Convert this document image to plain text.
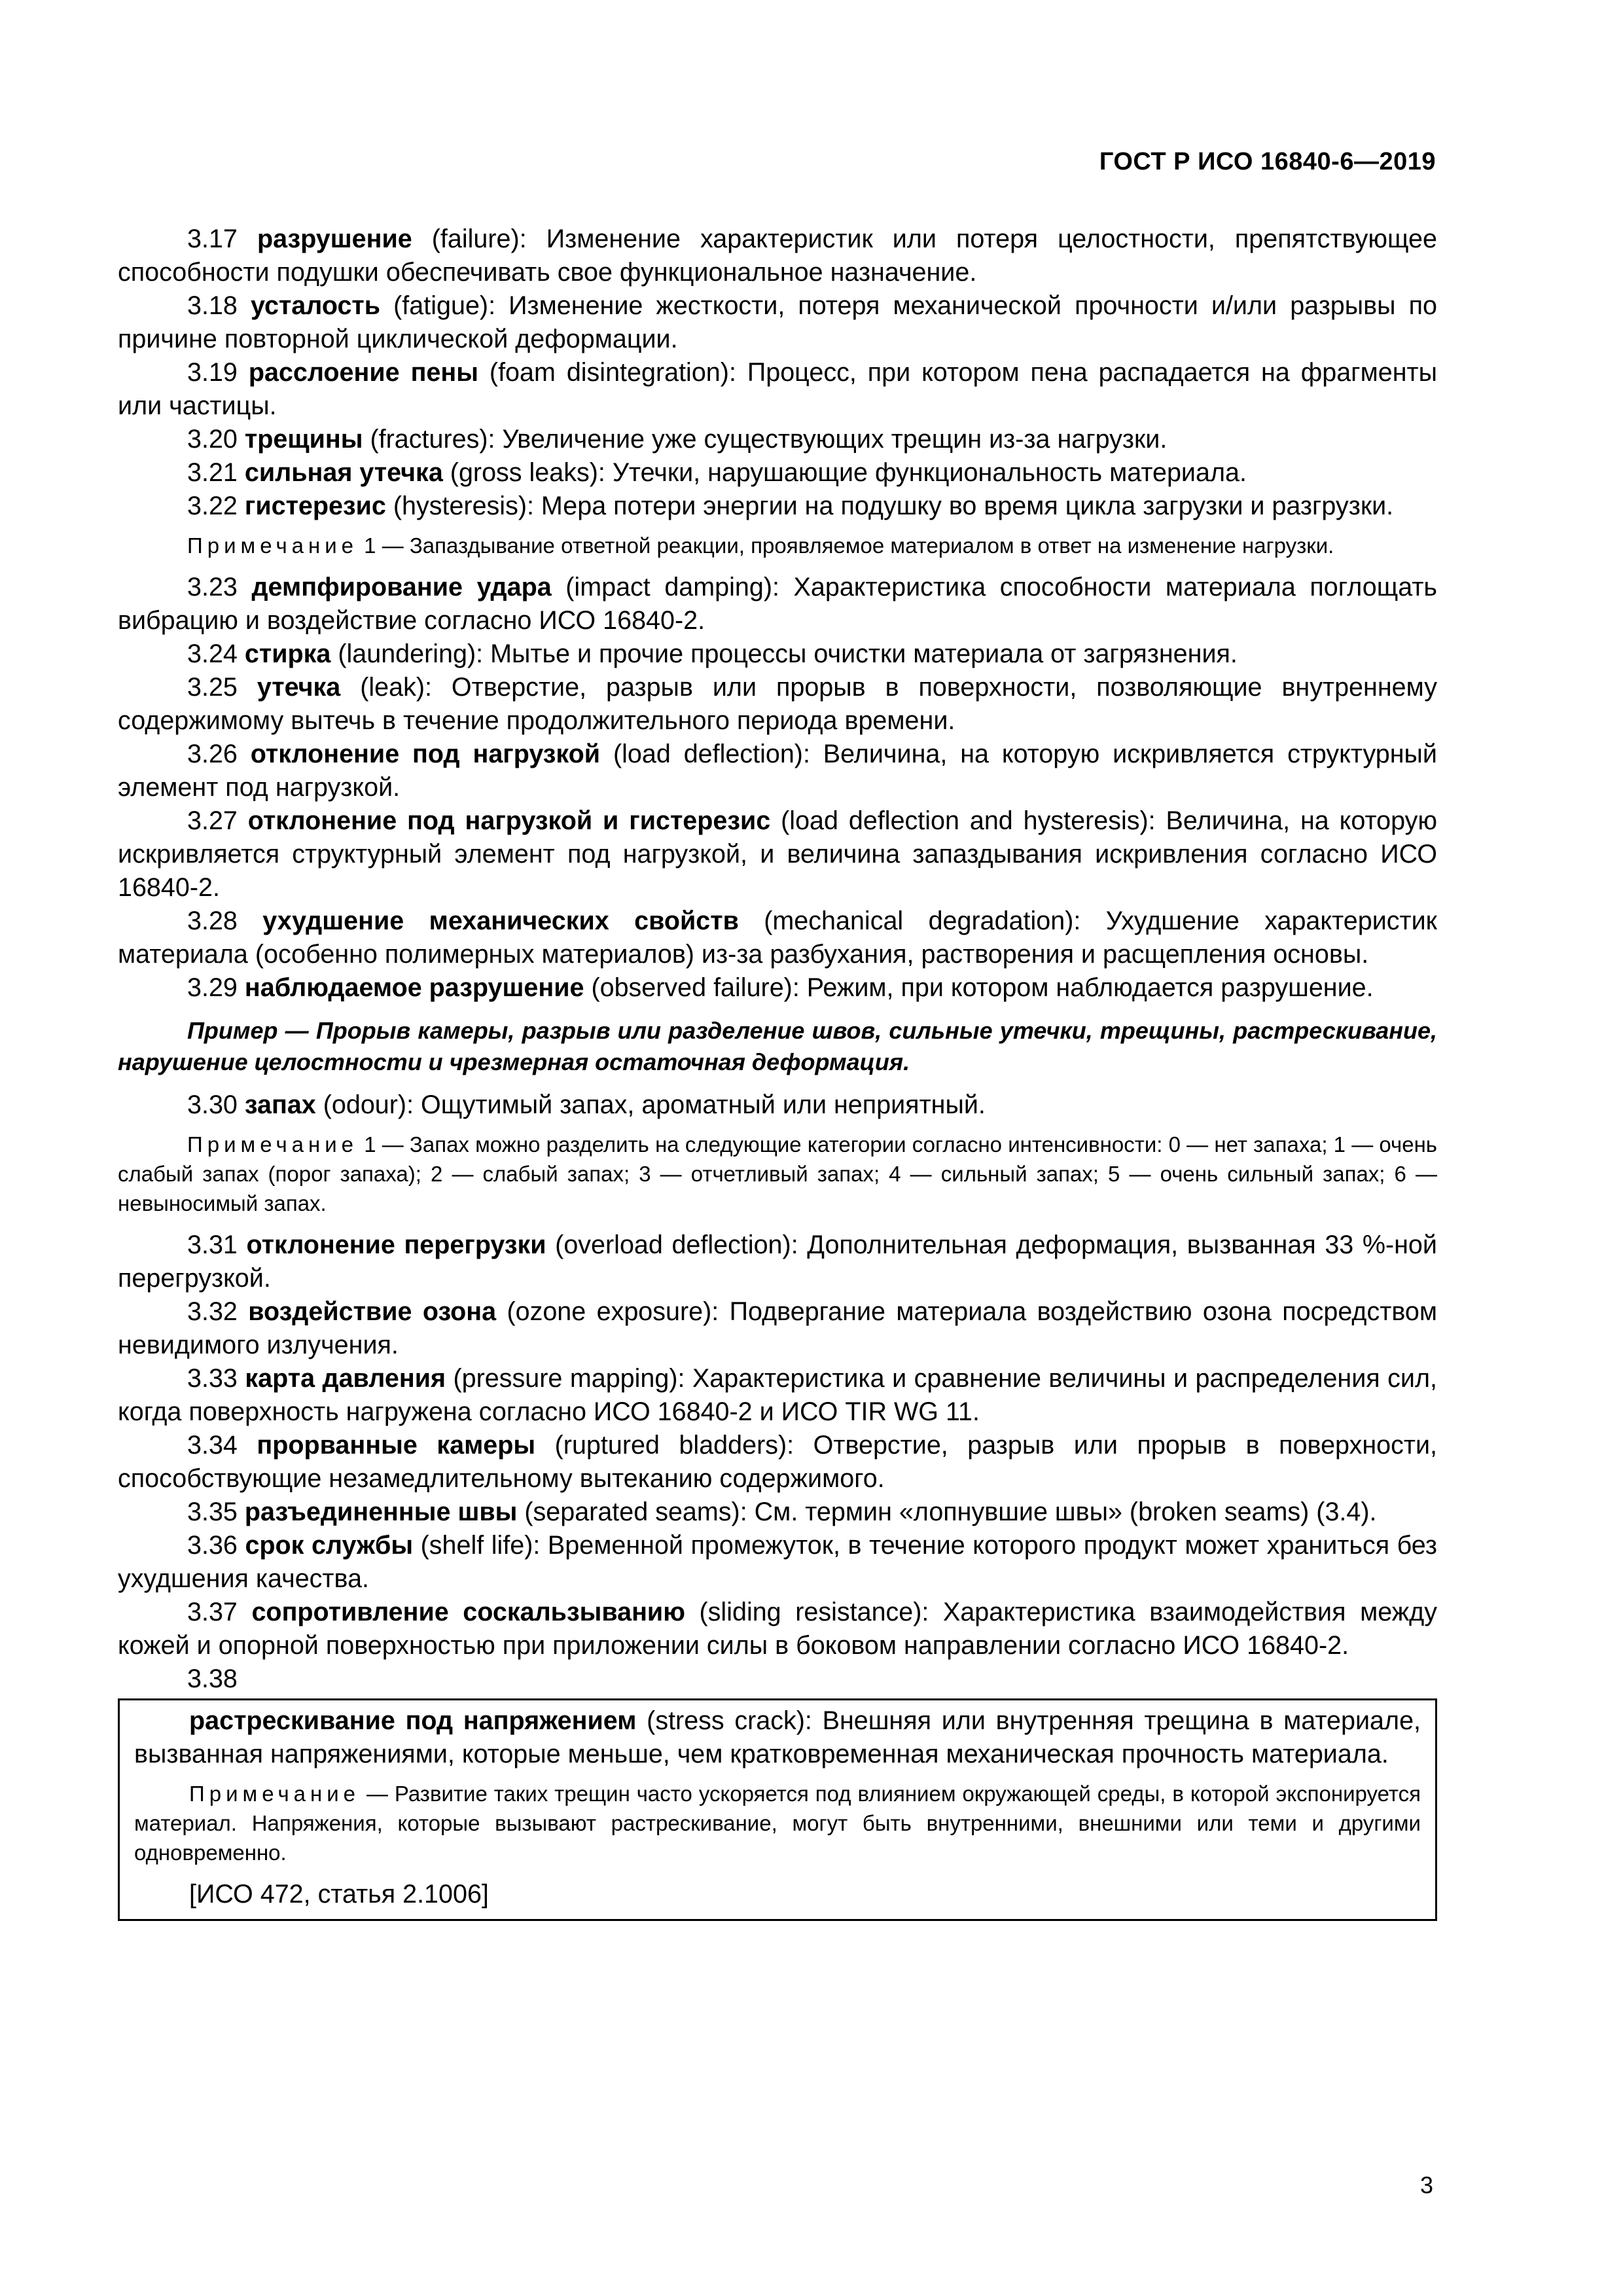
ГОСТ Р ИСО 16840-6—2019

3.17 разрушение (failure): Изменение характеристик или потеря целостности, препятствующее способности подушки обеспечивать свое функциональное назначение.

3.18 усталость (fatigue): Изменение жесткости, потеря механической прочности и/или разрывы по причине повторной циклической деформации.

3.19 расслоение пены (foam disintegration): Процесс, при котором пена распадается на фрагменты или частицы.

3.20 трещины (fractures): Увеличение уже существующих трещин из-за нагрузки.

3.21 сильная утечка (gross leaks): Утечки, нарушающие функциональность материала.

3.22 гистерезис (hysteresis): Мера потери энергии на подушку во время цикла загрузки и разгрузки.

Примечание 1 — Запаздывание ответной реакции, проявляемое материалом в ответ на изменение нагрузки.

3.23 демпфирование удара (impact damping): Характеристика способности материала поглощать вибрацию и воздействие согласно ИСО 16840-2.

3.24 стирка (laundering): Мытье и прочие процессы очистки материала от загрязнения.

3.25 утечка (leak): Отверстие, разрыв или прорыв в поверхности, позволяющие внутреннему содержимому вытечь в течение продолжительного периода времени.

3.26 отклонение под нагрузкой (load deflection): Величина, на которую искривляется структурный элемент под нагрузкой.

3.27 отклонение под нагрузкой и гистерезис (load deflection and hysteresis): Величина, на которую искривляется структурный элемент под нагрузкой, и величина запаздывания искривления согласно ИСО 16840-2.

3.28 ухудшение механических свойств (mechanical degradation): Ухудшение характеристик материала (особенно полимерных материалов) из-за разбухания, растворения и расщепления основы.

3.29 наблюдаемое разрушение (observed failure): Режим, при котором наблюдается разрушение.

Пример — Прорыв камеры, разрыв или разделение швов, сильные утечки, трещины, растрескивание, нарушение целостности и чрезмерная остаточная деформация.

3.30 запах (odour): Ощутимый запах, ароматный или неприятный.

Примечание 1 — Запах можно разделить на следующие категории согласно интенсивности: 0 — нет запаха; 1 — очень слабый запах (порог запаха); 2 — слабый запах; 3 — отчетливый запах; 4 — сильный запах; 5 — очень сильный запах; 6 — невыносимый запах.

3.31 отклонение перегрузки (overload deflection): Дополнительная деформация, вызванная 33 %-ной перегрузкой.

3.32 воздействие озона (ozone exposure): Подвергание материала воздействию озона посредством невидимого излучения.

3.33 карта давления (pressure mapping): Характеристика и сравнение величины и распределения сил, когда поверхность нагружена согласно ИСО 16840-2 и ИСО TIR WG 11.

3.34 прорванные камеры (ruptured bladders): Отверстие, разрыв или прорыв в поверхности, способствующие незамедлительному вытеканию содержимого.

3.35 разъединенные швы (separated seams): См. термин «лопнувшие швы» (broken seams) (3.4).

3.36 срок службы (shelf life): Временной промежуток, в течение которого продукт может храниться без ухудшения качества.

3.37 сопротивление соскальзыванию (sliding resistance): Характеристика взаимодействия между кожей и опорной поверхностью при приложении силы в боковом направлении согласно ИСО 16840-2.

3.38

растрескивание под напряжением (stress crack): Внешняя или внутренняя трещина в материале, вызванная напряжениями, которые меньше, чем кратковременная механическая прочность материала.

Примечание — Развитие таких трещин часто ускоряется под влиянием окружающей среды, в которой экспонируется материал. Напряжения, которые вызывают растрескивание, могут быть внутренними, внешними или теми и другими одновременно.

[ИСО 472, статья 2.1006]

3
